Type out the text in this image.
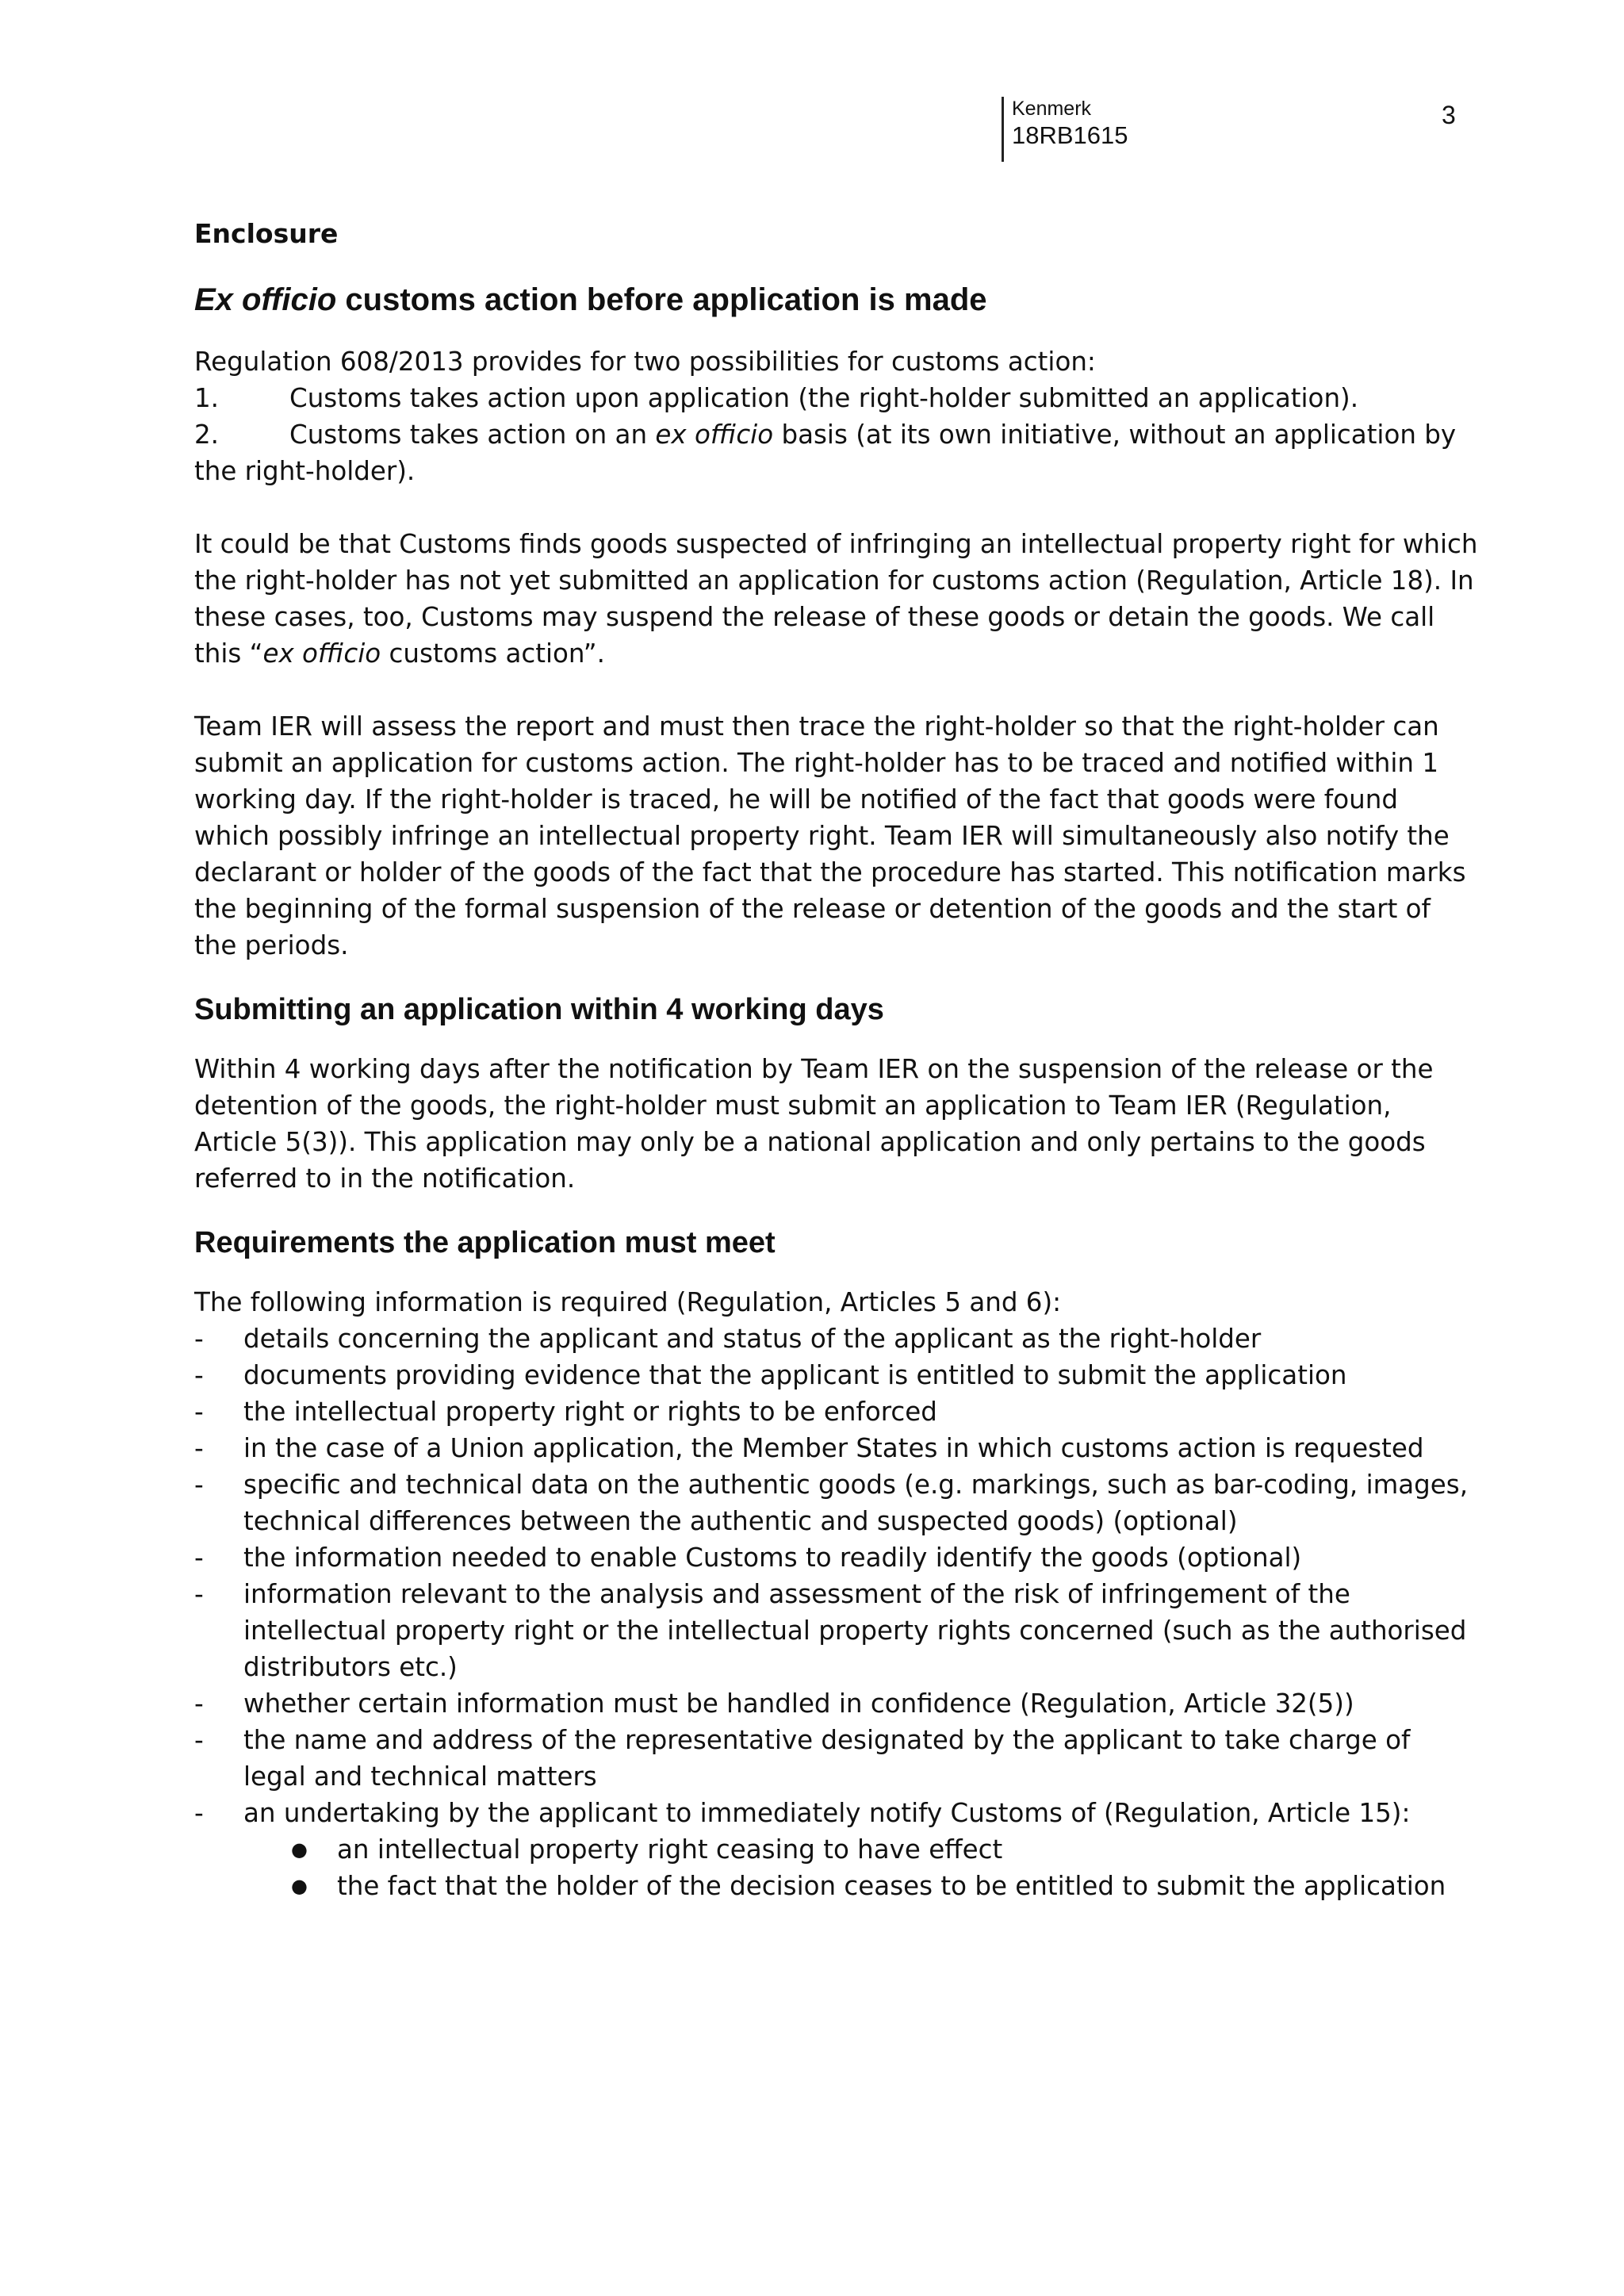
Kenmerk
18RB1615
3
Enclosure
Ex officio customs action before application is made

Regulation 608/2013 provides for two possibilities for customs action:

1.	Customs takes action upon application (the right-holder submitted an application).
2.	Customs takes action on an ex officio basis (at its own initiative, without an application by the right-holder).

It could be that Customs finds goods suspected of infringing an intellectual property right for which the right-holder has not yet submitted an application for customs action (Regulation, Article 18). In these cases, too, Customs may suspend the release of these goods or detain the goods. We call this “ex officio customs action”.

Team IER will assess the report and must then trace the right-holder so that the right-holder can submit an application for customs action. The right-holder has to be traced and notified within 1 working day. If the right-holder is traced, he will be notified of the fact that goods were found which possibly infringe an intellectual property right. Team IER will simultaneously also notify the declarant or holder of the goods of the fact that the procedure has started. This notification marks the beginning of the formal suspension of the release or detention of the goods and the start of the periods.

Submitting an application within 4 working days

Within 4 working days after the notification by Team IER on the suspension of the release or the detention of the goods, the right-holder must submit an application to Team IER (Regulation, Article 5(3)). This application may only be a national application and only pertains to the goods referred to in the notification.

Requirements the application must meet

The following information is required (Regulation, Articles 5 and 6):

- details concerning the applicant and status of the applicant as the right-holder
- documents providing evidence that the applicant is entitled to submit the application
- the intellectual property right or rights to be enforced
- in the case of a Union application, the Member States in which customs action is requested
- specific and technical data on the authentic goods (e.g. markings, such as bar-coding, images, technical differences between the authentic and suspected goods) (optional)
- the information needed to enable Customs to readily identify the goods (optional)
- information relevant to the analysis and assessment of the risk of infringement of the intellectual property right or the intellectual property rights concerned (such as the authorised distributors etc.)
- whether certain information must be handled in confidence (Regulation, Article 32(5))
- the name and address of the representative designated by the applicant to take charge of legal and technical matters
- an undertaking by the applicant to immediately notify Customs of (Regulation, Article 15):
● an intellectual property right ceasing to have effect
● the fact that the holder of the decision ceases to be entitled to submit the application
